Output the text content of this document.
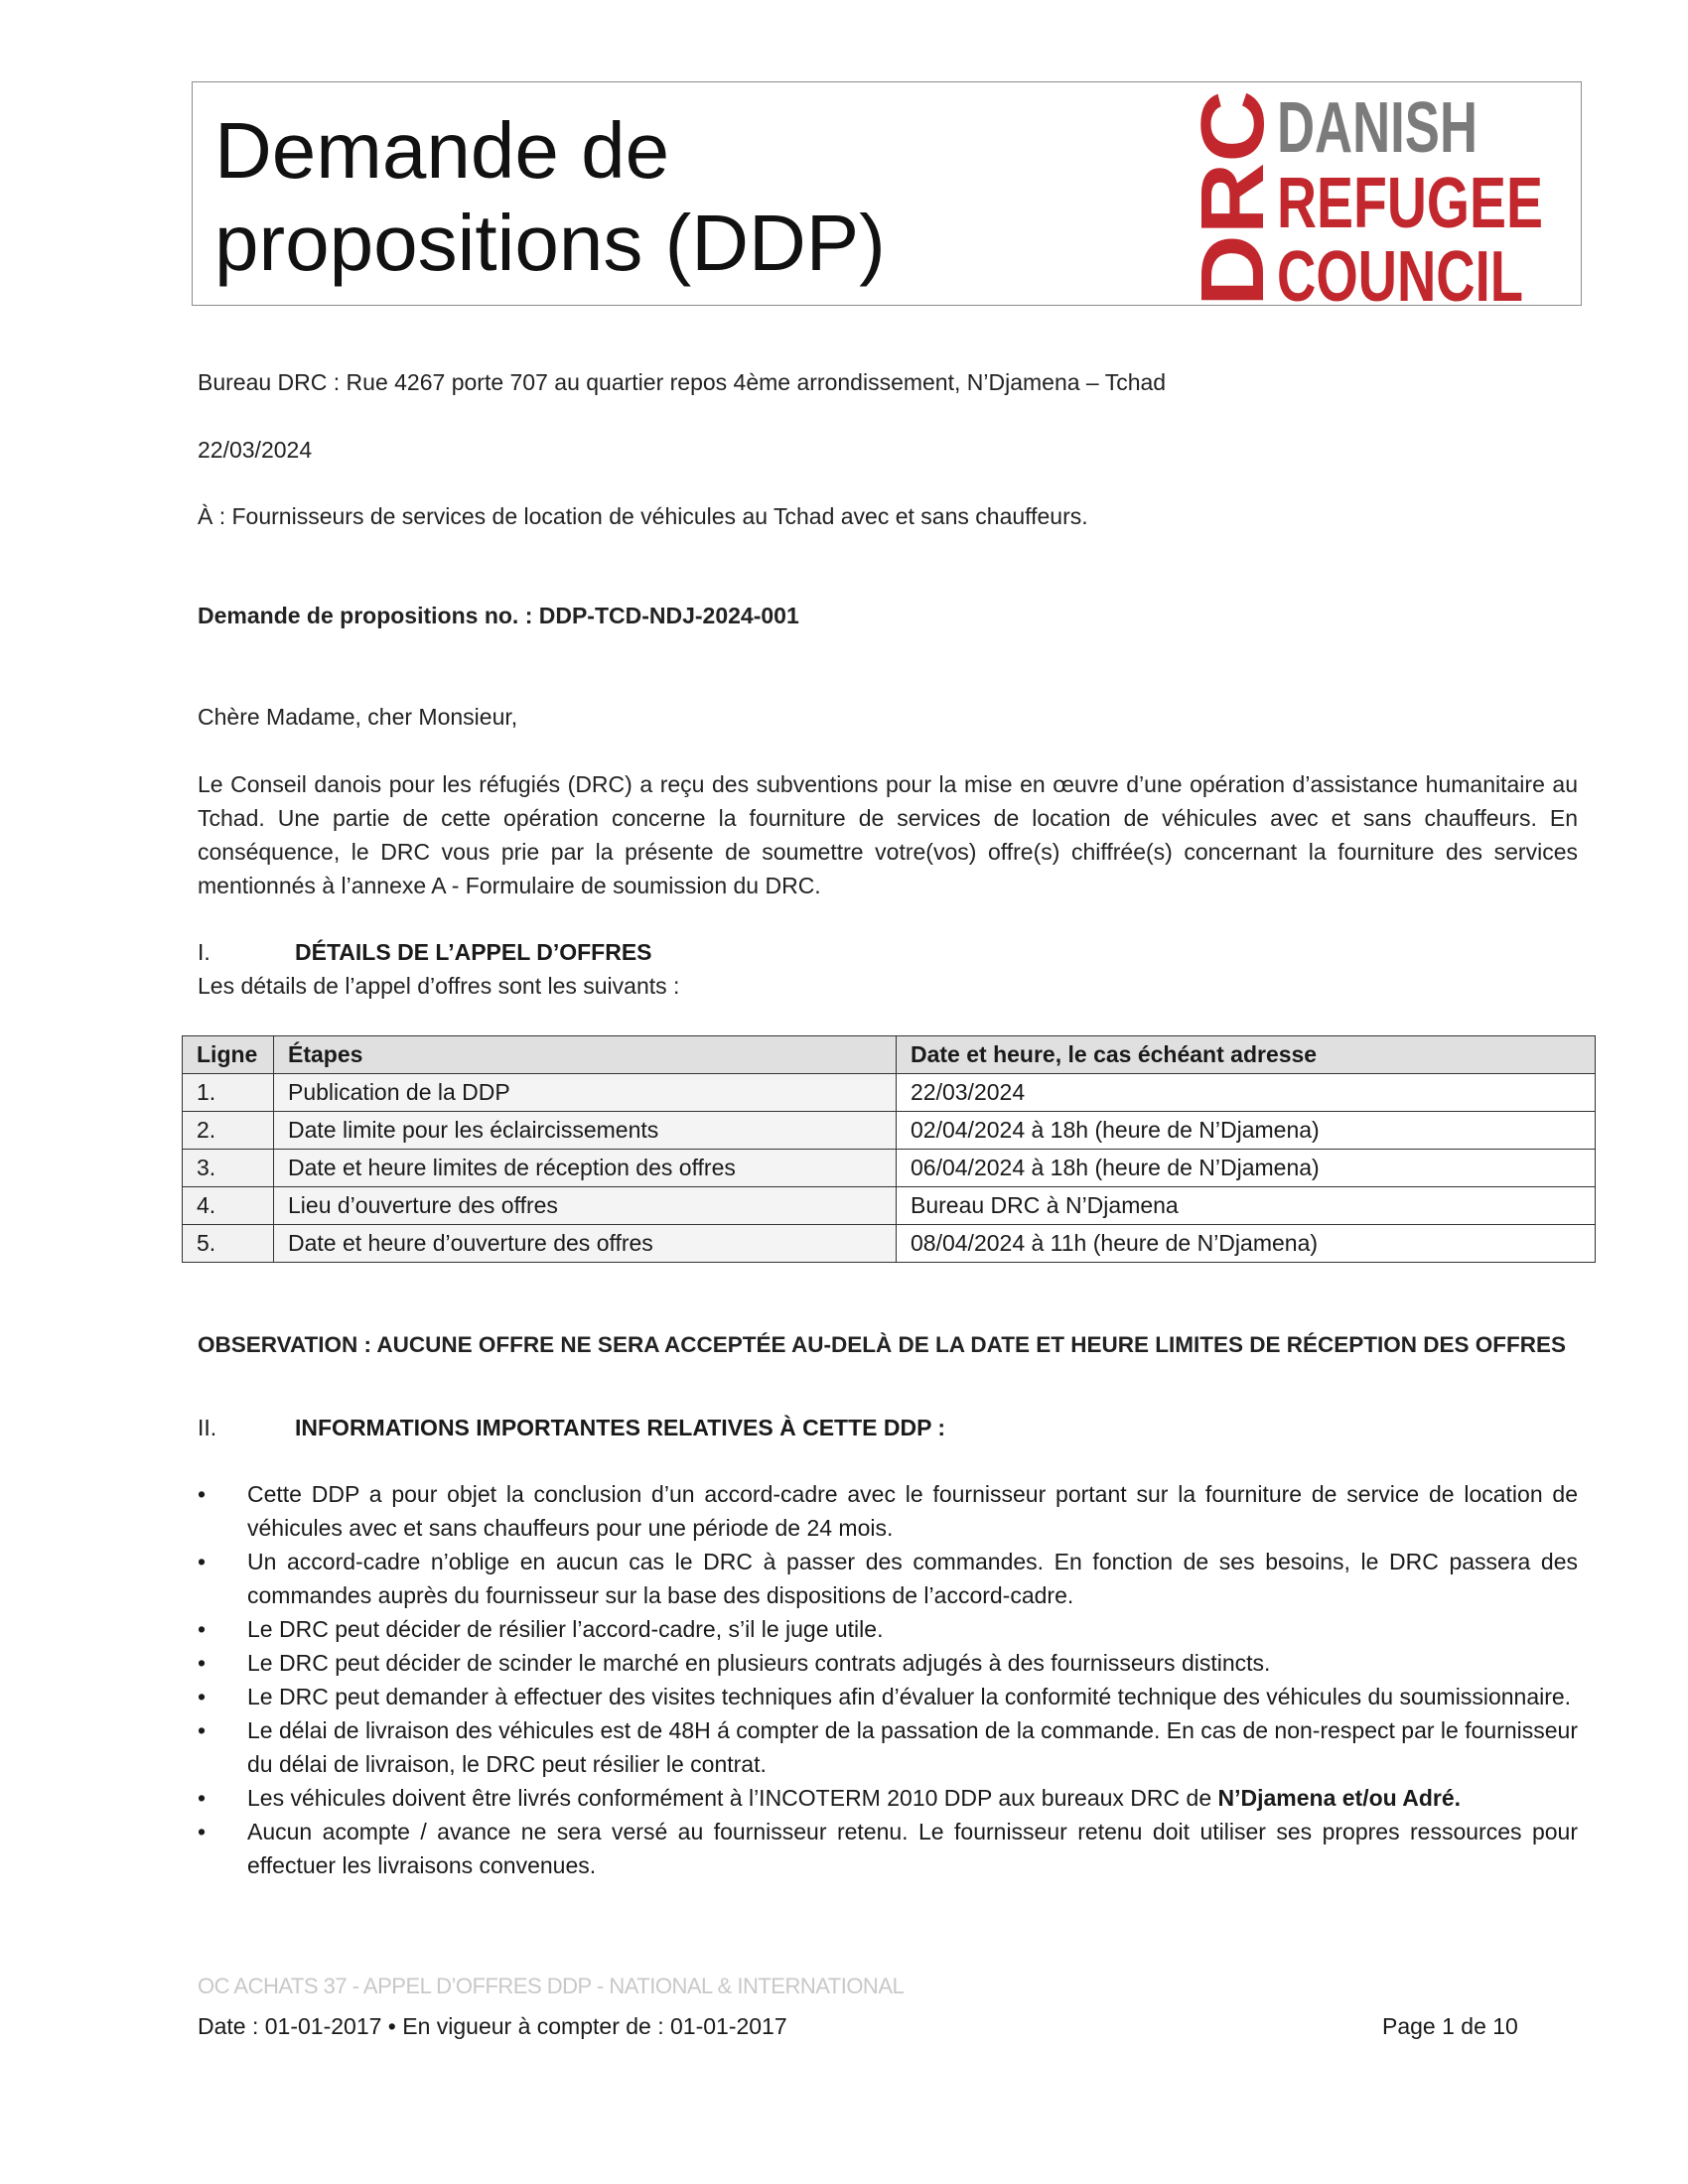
Demande de
propositions (DDP)	DRC
DANISH
REFUGEE
COUNCIL

Bureau DRC : Rue 4267 porte 707 au quartier repos 4ème arrondissement, N’Djamena – Tchad

22/03/2024

À : Fournisseurs de services de location de véhicules au Tchad avec et sans chauffeurs.

Demande de propositions no. : DDP-TCD-NDJ-2024-001

Chère Madame, cher Monsieur,

Le Conseil danois pour les réfugiés (DRC) a reçu des subventions pour la mise en œuvre d’une opération d’assistance humanitaire au Tchad. Une partie de cette opération concerne la fourniture de services de location de véhicules avec et sans chauffeurs. En conséquence, le DRC vous prie par la présente de soumettre votre(vos) offre(s) chiffrée(s) concernant la fourniture des services mentionnés à l’annexe A - Formulaire de soumission du DRC.

I.	DÉTAILS DE L’APPEL D’OFFRES

Les détails de l’appel d’offres sont les suivants :

Ligne	Étapes	Date et heure, le cas échéant adresse
1.	Publication de la DDP	22/03/2024
2.	Date limite pour les éclaircissements	02/04/2024 à 18h (heure de N’Djamena)
3.	Date et heure limites de réception des offres	06/04/2024 à 18h (heure de N’Djamena)
4.	Lieu d’ouverture des offres	Bureau DRC à N’Djamena
5.	Date et heure d’ouverture des offres	08/04/2024 à 11h (heure de N’Djamena)

OBSERVATION : AUCUNE OFFRE NE SERA ACCEPTÉE AU-DELÀ DE LA DATE ET HEURE LIMITES DE RÉCEPTION DES OFFRES

II.	INFORMATIONS IMPORTANTES RELATIVES À CETTE DDP :
• Cette DDP a pour objet la conclusion d’un accord-cadre avec le fournisseur portant sur la fourniture de service de location de véhicules avec et sans chauffeurs pour une période de 24 mois.
• Un accord-cadre n’oblige en aucun cas le DRC à passer des commandes. En fonction de ses besoins, le DRC passera des commandes auprès du fournisseur sur la base des dispositions de l’accord-cadre.
• Le DRC peut décider de résilier l’accord-cadre, s’il le juge utile.
• Le DRC peut décider de scinder le marché en plusieurs contrats adjugés à des fournisseurs distincts.
• Le DRC peut demander à effectuer des visites techniques afin d’évaluer la conformité technique des véhicules du soumissionnaire.
• Le délai de livraison des véhicules est de 48H á compter de la passation de la commande. En cas de non-respect par le fournisseur du délai de livraison, le DRC peut résilier le contrat.
• Les véhicules doivent être livrés conformément à l’INCOTERM 2010 DDP aux bureaux DRC de N’Djamena et/ou Adré.
• Aucun acompte / avance ne sera versé au fournisseur retenu. Le fournisseur retenu doit utiliser ses propres ressources pour effectuer les livraisons convenues.
OC ACHATS 37 - APPEL D’OFFRES DDP - NATIONAL & INTERNATIONAL
Date : 01-01-2017 • En vigueur à compter de : 01-01-2017	Page 1 de 10
